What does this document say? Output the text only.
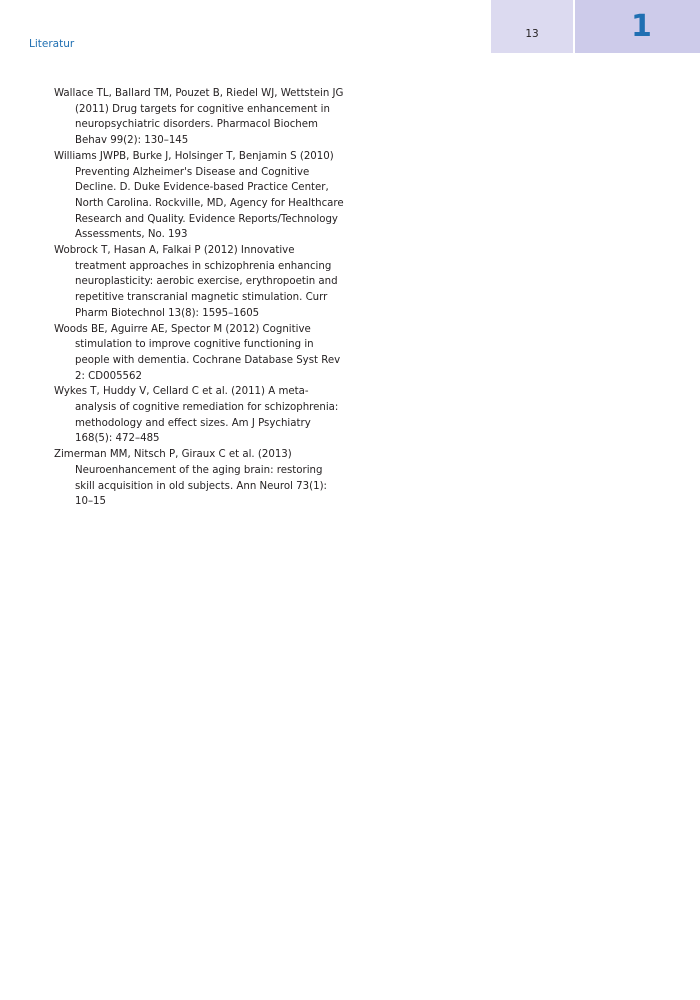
Literatur
13	1
Wallace TL, Ballard TM, Pouzet B, Riedel WJ, Wettstein JG (2011) Drug targets for cognitive enhancement in neuropsychiatric disorders. Pharmacol Biochem Behav 99(2): 130–145
Williams JWPB, Burke J, Holsinger T, Benjamin S (2010) Preventing Alzheimer's Disease and Cognitive Decline. D. Duke Evidence-based Practice Center, North Carolina. Rockville, MD, Agency for Healthcare Research and Quality. Evidence Reports/Technology Assessments, No. 193
Wobrock T, Hasan A, Falkai P (2012) Innovative treatment approaches in schizophrenia enhancing neuroplasticity: aerobic exercise, erythropoetin and repetitive transcranial magnetic stimulation. Curr Pharm Biotechnol 13(8): 1595–1605
Woods BE, Aguirre AE, Spector M (2012) Cognitive stimulation to improve cognitive functioning in people with dementia. Cochrane Database Syst Rev 2: CD005562
Wykes T, Huddy V, Cellard C et al. (2011) A meta-analysis of cognitive remediation for schizophrenia: methodology and effect sizes. Am J Psychiatry 168(5): 472–485
Zimerman MM, Nitsch P, Giraux C et al. (2013) Neuroenhancement of the aging brain: restoring skill acquisition in old subjects. Ann Neurol 73(1): 10–15
